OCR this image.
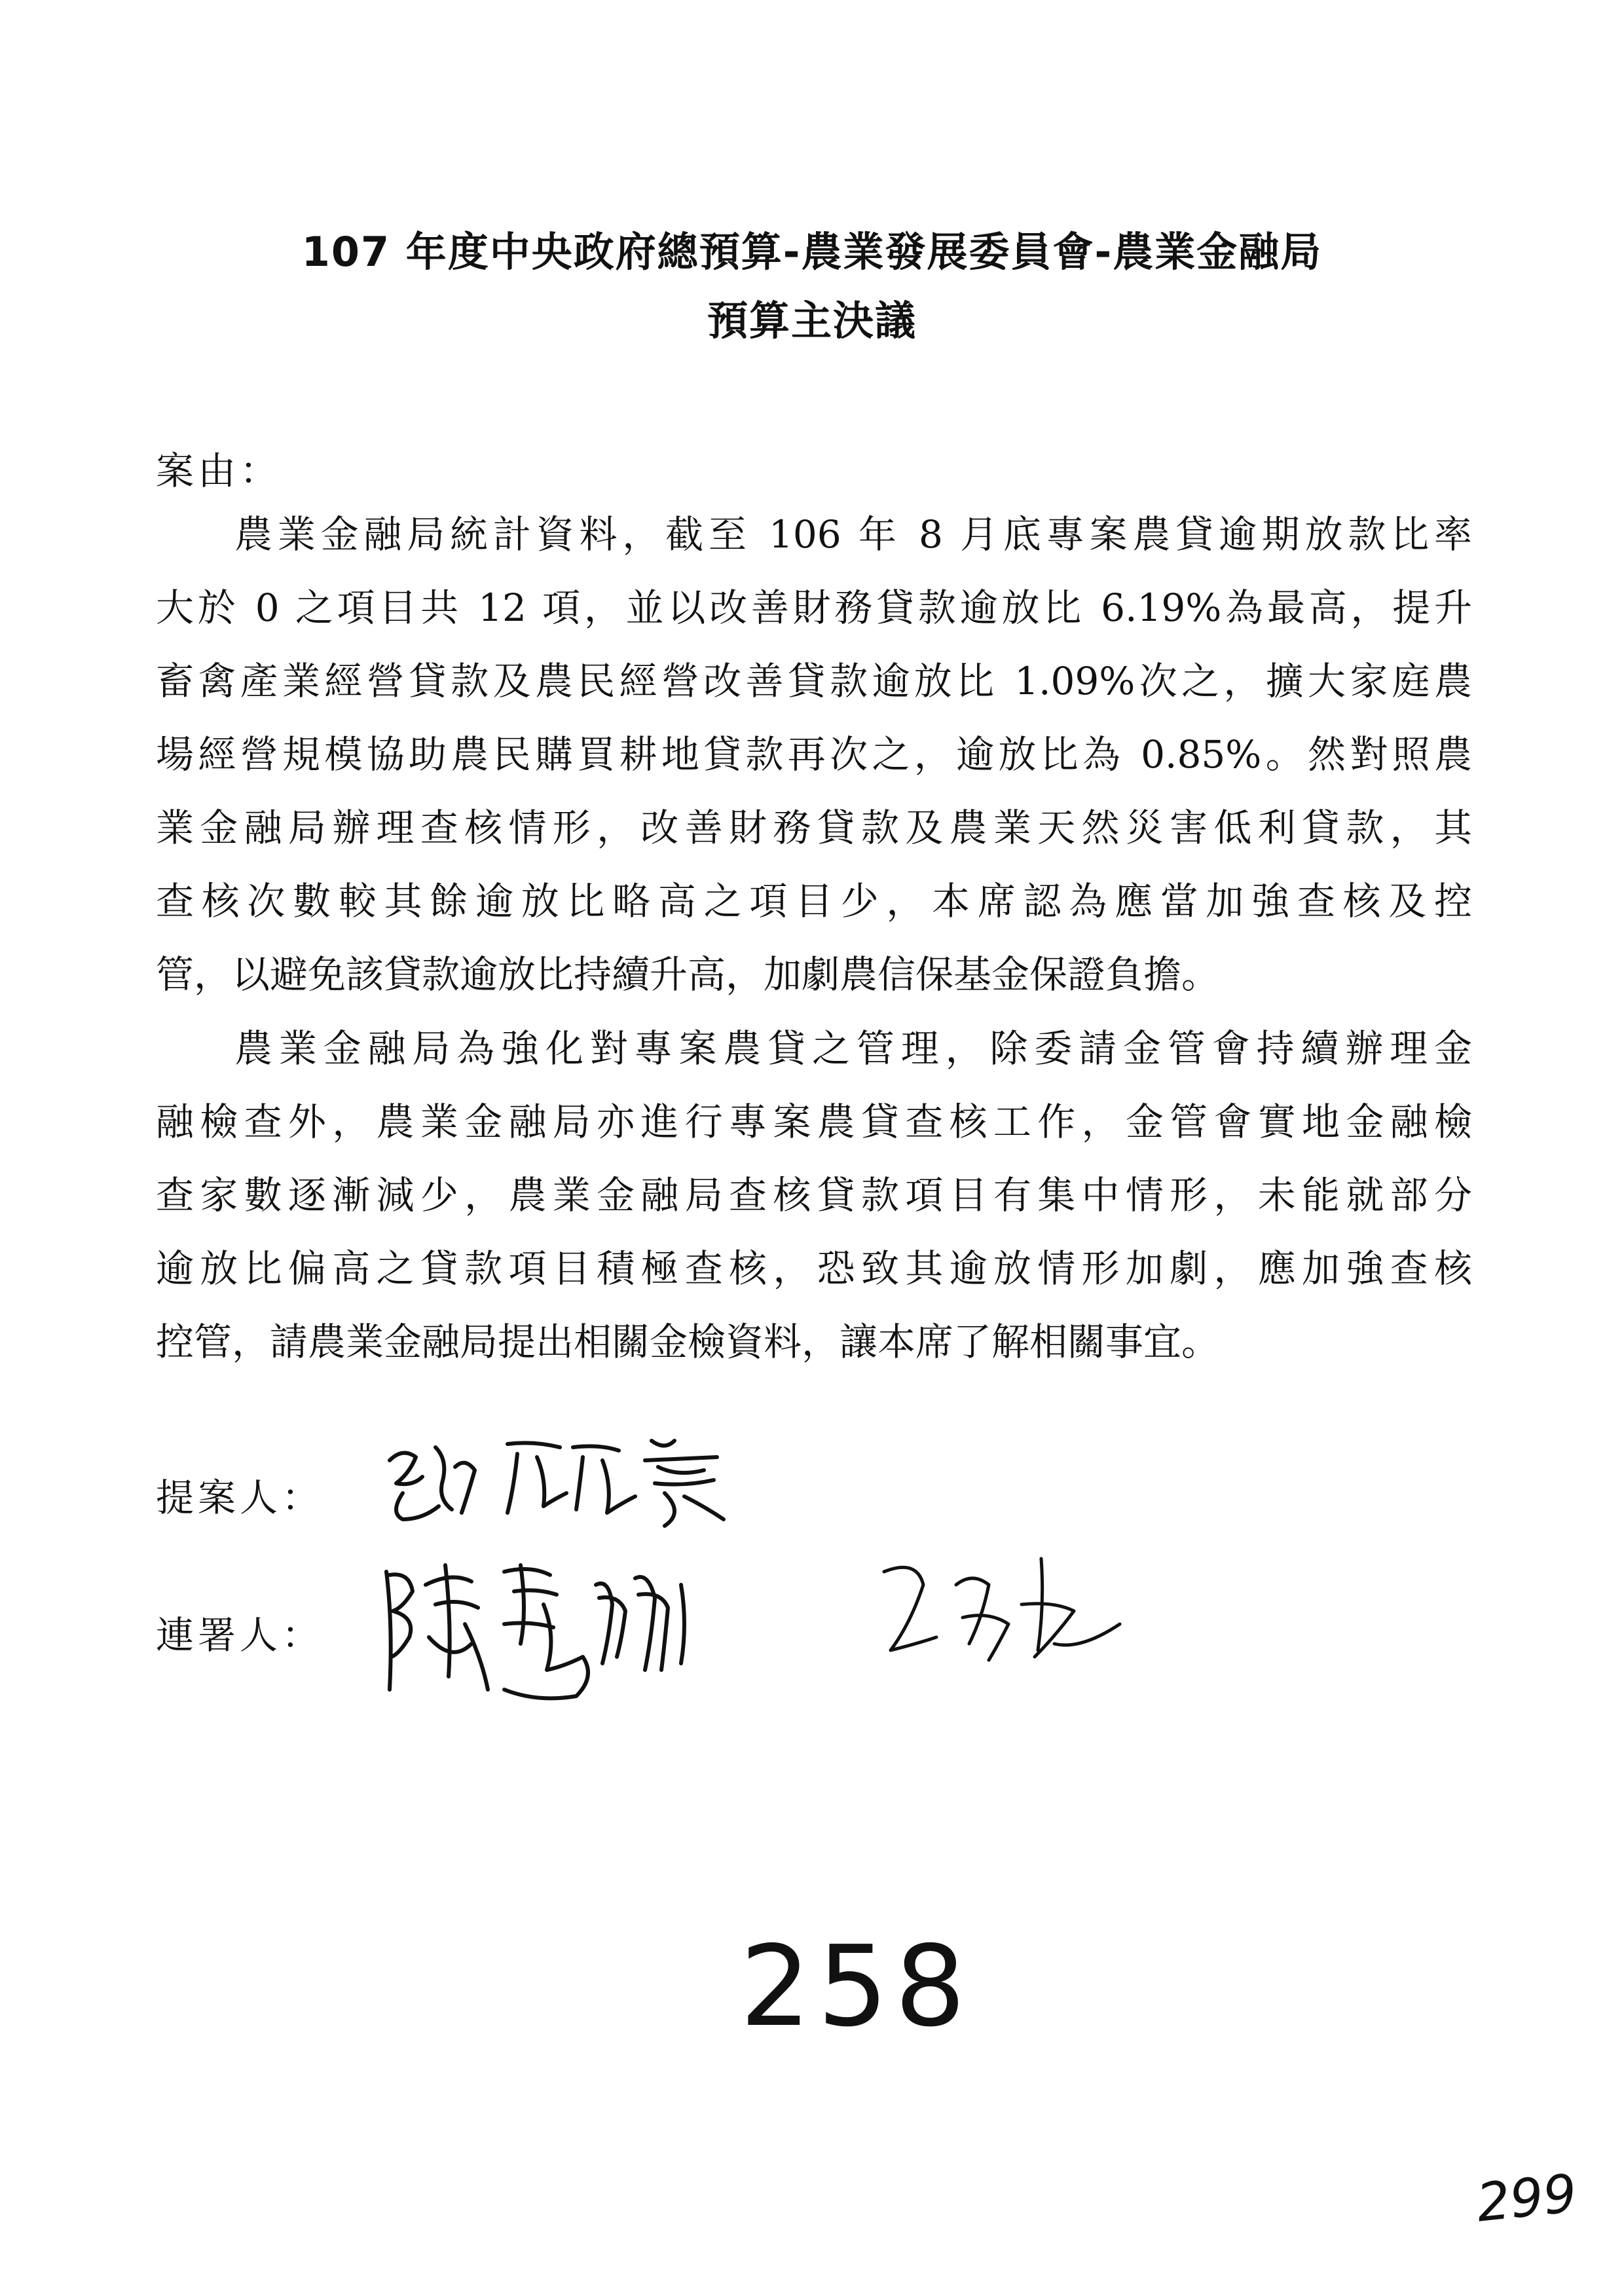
107 年度中央政府總預算-農業發展委員會-農業金融局
預算主決議
案由：
農業金融局統計資料，截至 106 年 8 月底專案農貸逾期放款比率
大於 0 之項目共 12 項，並以改善財務貸款逾放比 6.19%為最高，提升
畜禽產業經營貸款及農民經營改善貸款逾放比 1.09%次之，擴大家庭農
場經營規模協助農民購買耕地貸款再次之，逾放比為 0.85%。然對照農
業金融局辦理查核情形，改善財務貸款及農業天然災害低利貸款，其
查核次數較其餘逾放比略高之項目少，本席認為應當加強查核及控
管，以避免該貸款逾放比持續升高，加劇農信保基金保證負擔。
農業金融局為強化對專案農貸之管理，除委請金管會持續辦理金
融檢查外，農業金融局亦進行專案農貸查核工作，金管會實地金融檢
查家數逐漸減少，農業金融局查核貸款項目有集中情形，未能就部分
逾放比偏高之貸款項目積極查核，恐致其逾放情形加劇，應加強查核
控管，請農業金融局提出相關金檢資料，讓本席了解相關事宜。
提案人：
連署人：
258
299
